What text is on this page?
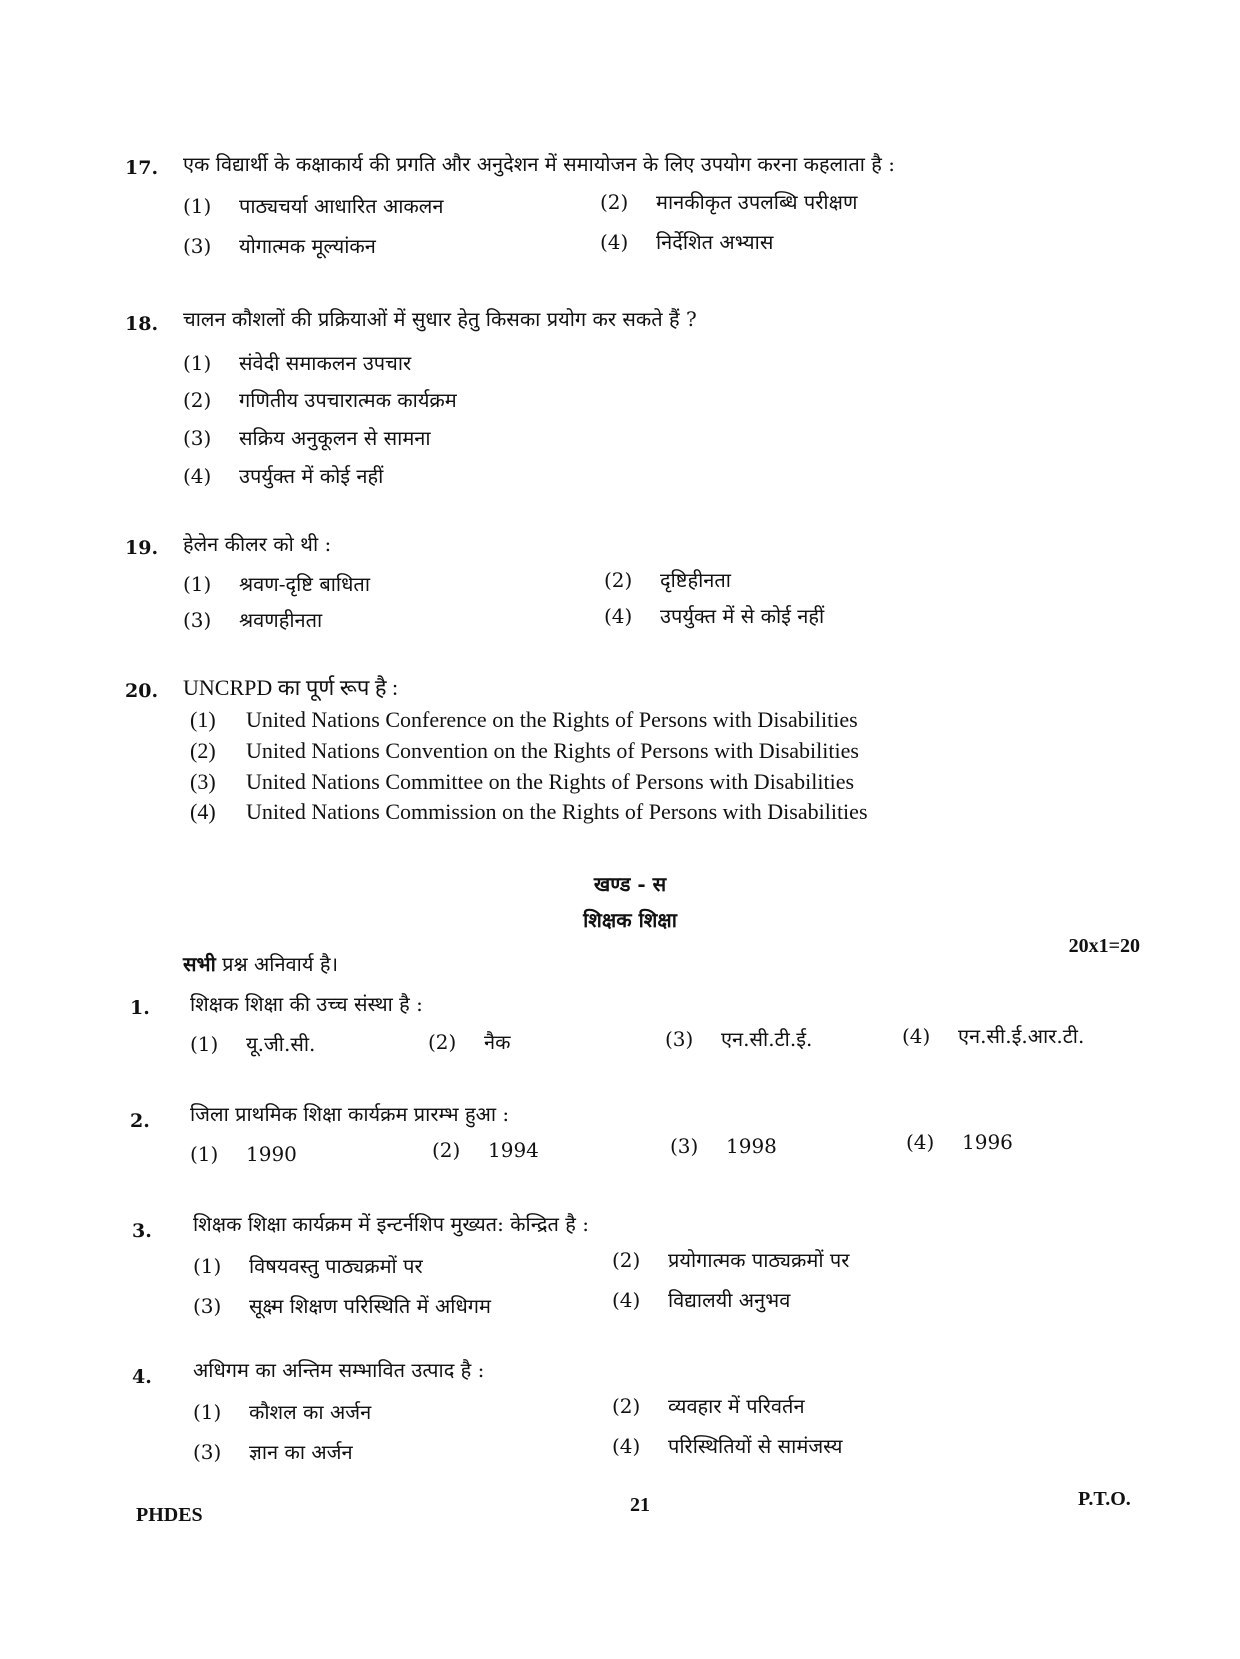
17. एक विद्यार्थी के कक्षाकार्य की प्रगति और अनुदेशन में समायोजन के लिए उपयोग करना कहलाता है :
(1) पाठ्यचर्या आधारित आकलन	(2) मानकीकृत उपलब्धि परीक्षण
(3) योगात्मक मूल्यांकन	(4) निर्देशित अभ्यास
18. चालन कौशलों की प्रक्रियाओं में सुधार हेतु किसका प्रयोग कर सकते हैं ?
(1) संवेदी समाकलन उपचार
(2) गणितीय उपचारात्मक कार्यक्रम
(3) सक्रिय अनुकूलन से सामना
(4) उपर्युक्त में कोई नहीं
19. हेलेन कीलर को थी :
(1) श्रवण-दृष्टि बाधिता	(2) दृष्टिहीनता
(3) श्रवणहीनता	(4) उपर्युक्त में से कोई नहीं
20. UNCRPD का पूर्ण रूप है :
(1) United Nations Conference on the Rights of Persons with Disabilities
(2) United Nations Convention on the Rights of Persons with Disabilities
(3) United Nations Committee on the Rights of Persons with Disabilities
(4) United Nations Commission on the Rights of Persons with Disabilities
खण्ड - स
शिक्षक शिक्षा
20x1=20
सभी प्रश्न अनिवार्य है।
1. शिक्षक शिक्षा की उच्च संस्था है :
(1) यू.जी.सी.	(2) नैक	(3) एन.सी.टी.ई.	(4) एन.सी.ई.आर.टी.
2. जिला प्राथमिक शिक्षा कार्यक्रम प्रारम्भ हुआ :
(1) 1990	(2) 1994	(3) 1998	(4) 1996
3. शिक्षक शिक्षा कार्यक्रम में इन्टर्नशिप मुख्यत: केन्द्रित है :
(1) विषयवस्तु पाठ्यक्रमों पर	(2) प्रयोगात्मक पाठ्यक्रमों पर
(3) सूक्ष्म शिक्षण परिस्थिति में अधिगम	(4) विद्यालयी अनुभव
4. अधिगम का अन्तिम सम्भावित उत्पाद है :
(1) कौशल का अर्जन	(2) व्यवहार में परिवर्तन
(3) ज्ञान का अर्जन	(4) परिस्थितियों से सामंजस्य
PHDES	21	P.T.O.
